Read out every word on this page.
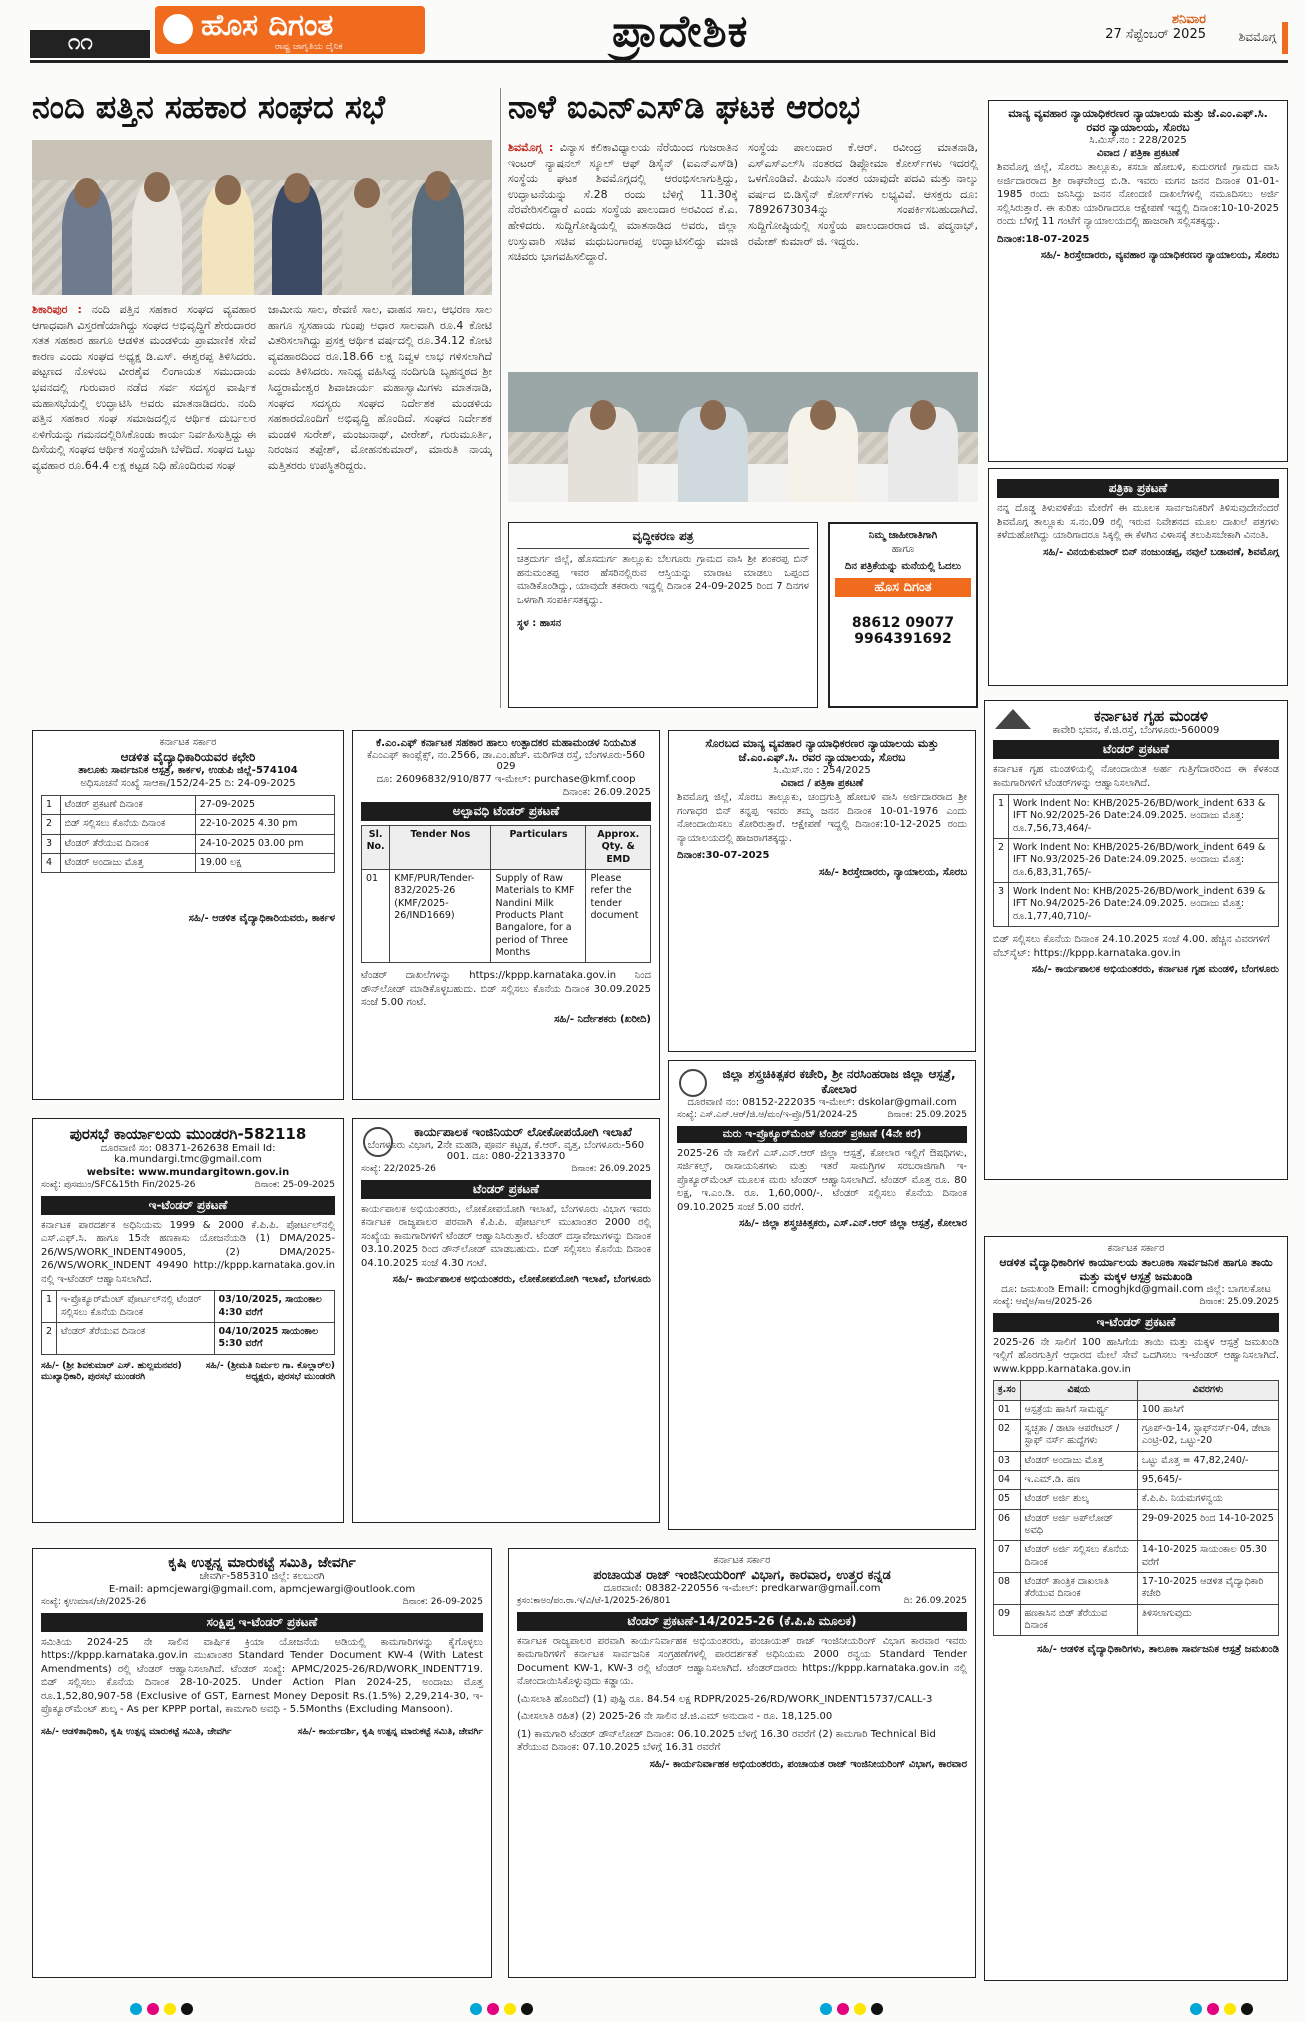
೧೧	ಹೊಸ ದಿಗಂತ
ರಾಷ್ಟ್ರ ಜಾಗೃತಿಯ ದೈನಿಕ	ಪ್ರಾದೇಶಿಕ	ಶನಿವಾರ
27 ಸೆಪ್ಟೆಂಬರ್ 2025	ಶಿವಮೊಗ್ಗ
ನಂದಿ ಪತ್ತಿನ ಸಹಕಾರ ಸಂಘದ ಸಭೆ
ಶಿಕಾರಿಪುರ : ನಂದಿ ಪತ್ತಿನ ಸಹಕಾರ ಸಂಘದ ವ್ಯವಹಾರ ಆಗಾಧವಾಗಿ ವಿಸ್ತರಣೆಯಾಗಿದ್ದು ಸಂಘದ ಅಭಿವೃದ್ಧಿಗೆ ಶೇರುದಾರರ ಸತತ ಸಹಕಾರ ಹಾಗೂ ಆಡಳಿತ ಮಂಡಳಿಯ ಪ್ರಾಮಾಣಿಕ ಸೇವೆ ಕಾರಣ ಎಂದು ಸಂಘದ ಅಧ್ಯಕ್ಷ ಡಿ.ಎಸ್. ಈಶ್ವರಪ್ಪ ತಿಳಿಸಿದರು. ಪಟ್ಟಣದ ನೊಳಂಬ ವೀರಶೈವ ಲಿಂಗಾಯತ ಸಮುದಾಯ ಭವನದಲ್ಲಿ ಗುರುವಾರ ನಡೆದ ಸರ್ವ ಸದಸ್ಯರ ವಾರ್ಷಿಕ ಮಹಾಸಭೆಯಲ್ಲಿ ಉದ್ಘಾಟಿಸಿ ಅವರು ಮಾತನಾಡಿದರು. ನಂದಿ ಪತ್ತಿನ ಸಹಕಾರ ಸಂಘ ಸಮಾಜದಲ್ಲಿನ ಆರ್ಥಿಕ ದುರ್ಬಲರ ಏಳಿಗೆಯನ್ನು ಗಮನದಲ್ಲಿರಿಸಿಕೊಂಡು ಕಾರ್ಯ ನಿರ್ವಹಿಸುತ್ತಿದ್ದು ಈ ದಿಸೆಯಲ್ಲಿ ಸಂಘದ ಆರ್ಥಿಕ ಸಂಸ್ಥೆಯಾಗಿ ಬೆಳೆದಿದೆ. ಸಂಘದ ಒಟ್ಟು ವ್ಯವಹಾರ ರೂ.64.4 ಲಕ್ಷ ಕಟ್ಟಡ ನಿಧಿ ಹೊಂದಿರುವ ಸಂಘ
ಜಾಮೀನು ಸಾಲ, ಠೇವಣಿ ಸಾಲ, ವಾಹನ ಸಾಲ, ಆಭರಣ ಸಾಲ ಹಾಗೂ ಸ್ವಸಹಾಯ ಗುಂಪು ಅಧಾರ ಸಾಲವಾಗಿ ರೂ.4 ಕೋಟಿ ವಿತರಿಸಲಾಗಿದ್ದು ಪ್ರಸಕ್ತ ಆರ್ಥಿಕ ವರ್ಷದಲ್ಲಿ ರೂ.34.12 ಕೋಟಿ ವ್ಯವಹಾರದಿಂದ ರೂ.18.66 ಲಕ್ಷ ನಿವ್ವಳ ಲಾಭ ಗಳಿಸಲಾಗಿದೆ ಎಂದು ತಿಳಿಸಿದರು. ಸಾನಿಧ್ಯ ವಹಿಸಿದ್ದ ನಂದಿಗುಡಿ ಬೃಹನ್ಮಠದ ಶ್ರೀ ಸಿದ್ಧರಾಮೇಶ್ವರ ಶಿವಾಚಾರ್ಯ ಮಹಾಸ್ವಾಮಿಗಳು ಮಾತನಾಡಿ, ಸಂಘದ ಸದಸ್ಯರು ಸಂಘದ ನಿರ್ದೇಶಕ ಮಂಡಳಿಯ ಸಹಕಾರದೊಂದಿಗೆ ಅಭಿವೃದ್ಧಿ ಹೊಂದಿದೆ. ಸಂಘದ ನಿರ್ದೇಶಕ ಮಂಡಳಿ ಸುರೇಶ್, ಮಂಜುನಾಥ್, ವೀರೇಶ್, ಗುರುಮೂರ್ತಿ, ನಿರಂಜನ ತಪ್ಪೇಶ್, ಮೋಹನಕುಮಾರ್, ಮಾರುತಿ ನಾಯ್ಕ ಮತ್ತಿತರರು ಉಪಸ್ಥಿತರಿದ್ದರು.
ನಾಳೆ ಐಎನ್‌ಎಸ್‌ಡಿ ಘಟಕ ಆರಂಭ
ಶಿವಮೊಗ್ಗ : ವಿನ್ಯಾಸ ಕಲಿಕಾವಿಧ್ಯಾಲಯ ನೆರೆಯಿಂದ ಗುಜರಾತಿನ ಇಂಟರ್ ನ್ಯಾಷನಲ್ ಸ್ಕೂಲ್ ಆಫ್ ಡಿಸೈನ್ (ಐಎನ್‌ಎಸ್‌ಡಿ) ಸಂಸ್ಥೆಯ ಘಟಕ ಶಿವಮೊಗ್ಗದಲ್ಲಿ ಆರಂಭಿಸಲಾಗುತ್ತಿದ್ದು, ಉದ್ಘಾಟನೆಯನ್ನು ಸೆ.28 ರಂದು ಬೆಳಿಗ್ಗೆ 11.30ಕ್ಕೆ ನೆರವೇರಿಸಲಿದ್ದಾರೆ ಎಂದು ಸಂಸ್ಥೆಯ ಪಾಲುದಾರ ಅರವಿಂದ ಕೆ.ಎ. ಹೇಳಿದರು. ಸುದ್ದಿಗೋಷ್ಠಿಯಲ್ಲಿ ಮಾತನಾಡಿದ ಅವರು, ಜಿಲ್ಲಾ ಉಸ್ತುವಾರಿ ಸಚಿವ ಮಧುಬಂಗಾರಪ್ಪ ಉದ್ಘಾಟಿಸಲಿದ್ದು ಮಾಜಿ ಸಚಿವರು ಭಾಗವಹಿಸಲಿದ್ದಾರೆ.
ಸಂಸ್ಥೆಯ ಪಾಲುದಾರ ಕೆ.ಆರ್. ರವೀಂದ್ರ ಮಾತನಾಡಿ, ಎಸ್ಎಸ್ಎಲ್‌ಸಿ ನಂತರದ ಡಿಪ್ಲೋಮಾ ಕೋರ್ಸ್‌ಗಳು ಇದರಲ್ಲಿ ಒಳಗೊಂಡಿವೆ. ಪಿಯುಸಿ ನಂತರ ಯಾವುದೇ ಪದವಿ ಮತ್ತು ನಾಲ್ಕು ವರ್ಷದ ಬಿ.ಡಿಸೈನ್ ಕೋರ್ಸ್‌ಗಳು ಲಭ್ಯವಿವೆ. ಆಸಕ್ತರು ದೂ: 7892673034ನ್ನು ಸಂಪರ್ಕಿಸಬಹುದಾಗಿದೆ. ಸುದ್ದಿಗೋಷ್ಠಿಯಲ್ಲಿ ಸಂಸ್ಥೆಯ ಪಾಲುದಾರರಾದ ಜಿ. ಪದ್ಮನಾಭ್, ರಮೇಶ್ ಕುಮಾರ್ ಜಿ. ಇದ್ದರು.
ವೃದ್ಧೀಕರಣ ಪತ್ರ
ಚಿತ್ರದುರ್ಗ ಜಿಲ್ಲೆ, ಹೊಸದುರ್ಗ ತಾಲ್ಲೂಕು ಬೆಲಗೂರು ಗ್ರಾಮದ ವಾಸಿ ಶ್ರೀ ಶಂಕರಪ್ಪ ಬಿನ್ ಹನುಮಂತಪ್ಪ ಇವರ ಹೆಸರಿನಲ್ಲಿರುವ ಆಸ್ತಿಯನ್ನು ಮಾರಾಟ ಮಾಡಲು ಒಪ್ಪಂದ ಮಾಡಿಕೊಂಡಿದ್ದು, ಯಾವುದೇ ತಕರಾರು ಇದ್ದಲ್ಲಿ ದಿನಾಂಕ 24-09-2025 ರಿಂದ 7 ದಿನಗಳ ಒಳಗಾಗಿ ಸಂಪರ್ಕಿಸತಕ್ಕದ್ದು.
ಸ್ಥಳ : ಹಾಸನ
ನಿಮ್ಮ ಜಾಹೀರಾತಿಗಾಗಿ
ಹಾಗೂ
ದಿನ ಪತ್ರಿಕೆಯನ್ನು ಮನೆಯಲ್ಲಿ ಓದಲು
ಹೊಸ ದಿಗಂತ
88612 09077
9964391692
ಮಾನ್ಯ ವ್ಯವಹಾರ ನ್ಯಾಯಾಧಿಕರಣರ ನ್ಯಾಯಾಲಯ ಮತ್ತು ಜೆ.ಎಂ.ಎಫ್.ಸಿ. ರವರ ನ್ಯಾಯಾಲಯ, ಸೊರಬ
ಸಿ.ಮಿಸ್.ನಂ : 228/2025
ವಿವಾದ / ಪತ್ರಿಕಾ ಪ್ರಕಟಣೆ
ಶಿವಮೊಗ್ಗ ಜಿಲ್ಲೆ, ಸೊರಬ ತಾಲ್ಲೂಕು, ಕಸಬಾ ಹೋಬಳಿ, ಕುದುರಗಣಿ ಗ್ರಾಮದ ವಾಸಿ ಅರ್ಜಿದಾರರಾದ ಶ್ರೀ ರಾಘವೇಂದ್ರ ಬಿ.ಡಿ. ಇವರು ಮಗನ ಜನನ ದಿನಾಂಕ 01-01-1985 ರಂದು ಜನಿಸಿದ್ದು ಜನನ ನೋಂದಣಿ ದಾಖಲೆಗಳಲ್ಲಿ ನಮೂದಿಸಲು ಅರ್ಜಿ ಸಲ್ಲಿಸಿರುತ್ತಾರೆ. ಈ ಕುರಿತು ಯಾರಿಗಾದರೂ ಆಕ್ಷೇಪಣೆ ಇದ್ದಲ್ಲಿ ದಿನಾಂಕ:10-10-2025 ರಂದು ಬೆಳಿಗ್ಗೆ 11 ಗಂಟೆಗೆ ನ್ಯಾಯಾಲಯದಲ್ಲಿ ಹಾಜರಾಗಿ ಸಲ್ಲಿಸತಕ್ಕದ್ದು.
ದಿನಾಂಕ:18-07-2025
ಸಹಿ/- ಶಿರಸ್ತೇದಾರರು, ವ್ಯವಹಾರ ನ್ಯಾಯಾಧಿಕರಣರ ನ್ಯಾಯಾಲಯ, ಸೊರಬ
ಪತ್ರಿಕಾ ಪ್ರಕಟಣೆ
ನನ್ನ ದೊಡ್ಡ ತಿಳುವಳಿಕೆಯ ಮೇರೆಗೆ ಈ ಮೂಲಕ ಸಾರ್ವಜನಿಕರಿಗೆ ತಿಳಿಸುವುದೇನೆಂದರೆ ಶಿವಮೊಗ್ಗ ತಾಲ್ಲೂಕು ಸ.ನಂ.09 ರಲ್ಲಿ ಇರುವ ನಿವೇಶನದ ಮೂಲ ದಾಖಲೆ ಪತ್ರಗಳು ಕಳೆದುಹೋಗಿದ್ದು ಯಾರಿಗಾದರೂ ಸಿಕ್ಕಲ್ಲಿ ಈ ಕೆಳಗಿನ ವಿಳಾಸಕ್ಕೆ ತಲುಪಿಸಬೇಕಾಗಿ ವಿನಂತಿ.
ಸಹಿ/- ವಿನಯಕುಮಾರ್ ಬಿನ್ ನಂಜುಂಡಪ್ಪ, ನವುಲೆ ಬಡಾವಣೆ, ಶಿವಮೊಗ್ಗ
ಕರ್ನಾಟಕ ಸರ್ಕಾರ
ಆಡಳಿತ ವೈದ್ಯಾಧಿಕಾರಿಯವರ ಕಛೇರಿ
ತಾಲೂಕು ಸಾರ್ವಜನಿಕ ಆಸ್ಪತ್ರೆ, ಕಾರ್ಕಳ, ಉಡುಪಿ ಜಿಲ್ಲೆ-574104
ಅಧಿಸೂಚನೆ ಸಂಖ್ಯೆ ಸಾಆಕಾ/152/24-25 ದಿ: 24-09-2025
1	ಟೆಂಡರ್ ಪ್ರಕಟಣೆ ದಿನಾಂಕ	27-09-2025
2	ಬಿಡ್ ಸಲ್ಲಿಸಲು ಕೊನೆಯ ದಿನಾಂಕ	22-10-2025 4.30 pm
3	ಟೆಂಡರ್ ತೆರೆಯುವ ದಿನಾಂಕ	24-10-2025 03.00 pm
4	ಟೆಂಡರ್ ಅಂದಾಜು ಮೊತ್ತ	19.00 ಲಕ್ಷ
ಸಹಿ/- ಆಡಳಿತ ವೈದ್ಯಾಧಿಕಾರಿಯವರು, ಕಾರ್ಕಳ
ಕೆ.ಎಂ.ಎಫ್ ಕರ್ನಾಟಕ ಸಹಕಾರ ಹಾಲು ಉತ್ಪಾದಕರ ಮಹಾಮಂಡಳ ನಿಯಮಿತ
ಕೆಎಂಎಫ್ ಕಾಂಪ್ಲೆಕ್ಸ್, ನಂ.2566, ಡಾ.ಎಂ.ಹೆಚ್. ಮರಿಗೌಡ ರಸ್ತೆ, ಬೆಂಗಳೂರು-560 029
ದೂ: 26096832/910/877 ಇ-ಮೇಲ್: purchase@kmf.coop
ದಿನಾಂಕ: 26.09.2025
ಅಲ್ಪಾವಧಿ ಟೆಂಡರ್ ಪ್ರಕಟಣೆ
Sl. No.	Tender Nos	Particulars	Approx. Qty. & EMD
01	KMF/PUR/Tender-832/2025-26 (KMF/2025-26/IND1669)	Supply of Raw Materials to KMF Nandini Milk Products Plant Bangalore, for a period of Three Months	Please refer the tender document
ಟೆಂಡರ್ ದಾಖಲೆಗಳನ್ನು https://kppp.karnataka.gov.in ನಿಂದ ಡೌನ್‌ಲೋಡ್ ಮಾಡಿಕೊಳ್ಳಬಹುದು. ಬಿಡ್ ಸಲ್ಲಿಸಲು ಕೊನೆಯ ದಿನಾಂಕ 30.09.2025 ಸಂಜೆ 5.00 ಗಂಟೆ.
ಸಹಿ/- ನಿರ್ದೇಶಕರು (ಖರೀದಿ)
ಸೊರಬದ ಮಾನ್ಯ ವ್ಯವಹಾರ ನ್ಯಾಯಾಧಿಕರಣರ ನ್ಯಾಯಾಲಯ ಮತ್ತು ಜೆ.ಎಂ.ಎಫ್.ಸಿ. ರವರ ನ್ಯಾಯಾಲಯ, ಸೊರಬ
ಸಿ.ಮಿಸ್.ನಂ : 254/2025
ವಿವಾದ / ಪತ್ರಿಕಾ ಪ್ರಕಟಣೆ
ಶಿವಮೊಗ್ಗ ಜಿಲ್ಲೆ, ಸೊರಬ ತಾಲ್ಲೂಕು, ಚಂದ್ರಗುತ್ತಿ ಹೋಬಳಿ ವಾಸಿ ಅರ್ಜಿದಾರರಾದ ಶ್ರೀ ಗಂಗಾಧರ ಬಿನ್ ಕನ್ನಪ್ಪ ಇವರು ತಮ್ಮ ಜನನ ದಿನಾಂಕ 10-01-1976 ಎಂದು ನೋಂದಾಯಿಸಲು ಕೋರಿರುತ್ತಾರೆ. ಆಕ್ಷೇಪಣೆ ಇದ್ದಲ್ಲಿ ದಿನಾಂಕ:10-12-2025 ರಂದು ನ್ಯಾಯಾಲಯದಲ್ಲಿ ಹಾಜರಾಗತಕ್ಕದ್ದು.
ದಿನಾಂಕ:30-07-2025
ಸಹಿ/- ಶಿರಸ್ತೇದಾರರು, ನ್ಯಾಯಾಲಯ, ಸೊರಬ
ಕರ್ನಾಟಕ ಗೃಹ ಮಂಡಳಿ
ಕಾವೇರಿ ಭವನ, ಕೆ.ಜಿ.ರಸ್ತೆ, ಬೆಂಗಳೂರು-560009
ಟೆಂಡರ್ ಪ್ರಕಟಣೆ
ಕರ್ನಾಟಕ ಗೃಹ ಮಂಡಳಿಯಲ್ಲಿ ನೋಂದಾಯಿತ ಅರ್ಹ ಗುತ್ತಿಗೆದಾರರಿಂದ ಈ ಕೆಳಕಂಡ ಕಾಮಗಾರಿಗಳಿಗೆ ಟೆಂಡರ್‌ಗಳನ್ನು ಆಹ್ವಾನಿಸಲಾಗಿದೆ.
1	Work Indent No: KHB/2025-26/BD/work_indent 633 & IFT No.92/2025-26 Date:24.09.2025. ಅಂದಾಜು ಮೊತ್ತ: ರೂ.7,56,73,464/-
2	Work Indent No: KHB/2025-26/BD/work_indent 649 & IFT No.93/2025-26 Date:24.09.2025. ಅಂದಾಜು ಮೊತ್ತ: ರೂ.6,83,31,765/-
3	Work Indent No: KHB/2025-26/BD/work_indent 639 & IFT No.94/2025-26 Date:24.09.2025. ಅಂದಾಜು ಮೊತ್ತ: ರೂ.1,77,40,710/-
ಬಿಡ್ ಸಲ್ಲಿಸಲು ಕೊನೆಯ ದಿನಾಂಕ 24.10.2025 ಸಂಜೆ 4.00. ಹೆಚ್ಚಿನ ವಿವರಗಳಿಗೆ ವೆಬ್‌ಸೈಟ್: https://kppp.karnataka.gov.in
ಸಹಿ/- ಕಾರ್ಯಪಾಲಕ ಅಭಿಯಂತರರು, ಕರ್ನಾಟಕ ಗೃಹ ಮಂಡಳಿ, ಬೆಂಗಳೂರು
ಪುರಸಭೆ ಕಾರ್ಯಾಲಯ ಮುಂಡರಗಿ-582118
ದೂರವಾಣಿ ಸಂ: 08371-262638 Email Id: ka.mundargi.tmc@gmail.com
website: www.mundargitown.gov.in
ಸಂಖ್ಯೆ: ಪುಸಮುಂ/SFC&15th Fin/2025-26	ದಿನಾಂಕ: 25-09-2025
ಇ-ಟೆಂಡರ್ ಪ್ರಕಟಣೆ
ಕರ್ನಾಟಕ ಪಾರದರ್ಶಕ ಅಧಿನಿಯಮ 1999 & 2000 ಕೆ.ಪಿ.ಪಿ. ಪೋರ್ಟಲ್‌ನಲ್ಲಿ ಎಸ್.ಎಫ್.ಸಿ. ಹಾಗೂ 15ನೇ ಹಣಕಾಸು ಯೋಜನೆಯಡಿ (1) DMA/2025-26/WS/WORK_INDENT49005, (2) DMA/2025-26/WS/WORK_INDENT 49490 http://kppp.karnataka.gov.in ನಲ್ಲಿ ಇ-ಟೆಂಡರ್ ಆಹ್ವಾನಿಸಲಾಗಿದೆ.
1	ಇ-ಪ್ರೊಕ್ಯೂರ್‌ಮೆಂಟ್ ಪೋರ್ಟಲ್‌ನಲ್ಲಿ ಟೆಂಡರ್ ಸಲ್ಲಿಸಲು ಕೊನೆಯ ದಿನಾಂಕ	03/10/2025, ಸಾಯಂಕಾಲ 4:30 ವರೆಗೆ
2	ಟೆಂಡರ್ ತೆರೆಯುವ ದಿನಾಂಕ	04/10/2025 ಸಾಯಂಕಾಲ 5:30 ವರೆಗೆ
ಸಹಿ/- (ಶ್ರೀ ಶಿವಕುಮಾರ್ ಎಸ್. ಹುಲ್ಲಮನವರ) ಮುಖ್ಯಾಧಿಕಾರಿ, ಪುರಸಭೆ ಮುಂಡರಗಿ
ಸಹಿ/- (ಶ್ರೀಮತಿ ನಿರ್ಮಲ ಗಾ. ಕೊಲ್ಲಾರ್‌ಲ) ಅಧ್ಯಕ್ಷರು, ಪುರಸಭೆ ಮುಂಡರಗಿ
ಕಾರ್ಯಪಾಲಕ ಇಂಜಿನಿಯರ್ ಲೋಕೋಪಯೋಗಿ ಇಲಾಖೆ
ಬೆಂಗಳೂರು ವಿಭಾಗ, 2ನೇ ಮಹಡಿ, ಪೂರ್ವ ಕಟ್ಟಡ, ಕೆ.ಆರ್. ವೃತ್ತ, ಬೆಂಗಳೂರು-560 001. ದೂ: 080-22133370
ಸಂಖ್ಯೆ: 22/2025-26	ದಿನಾಂಕ: 26.09.2025
ಟೆಂಡರ್ ಪ್ರಕಟಣೆ
ಕಾರ್ಯಪಾಲಕ ಅಭಿಯಂತರರು, ಲೋಕೋಪಯೋಗಿ ಇಲಾಖೆ, ಬೆಂಗಳೂರು ವಿಭಾಗ ಇವರು ಕರ್ನಾಟಕ ರಾಜ್ಯಪಾಲರ ಪರವಾಗಿ ಕೆ.ಪಿ.ಪಿ. ಪೋರ್ಟಲ್ ಮುಖಾಂತರ 2000 ರಲ್ಲಿ ಸಂಖ್ಯೆಯ ಕಾಮಗಾರಿಗಳಿಗೆ ಟೆಂಡರ್ ಆಹ್ವಾನಿಸಿರುತ್ತಾರೆ. ಟೆಂಡರ್ ದಸ್ತಾವೇಜುಗಳನ್ನು ದಿನಾಂಕ 03.10.2025 ರಿಂದ ಡೌನ್‌ಲೋಡ್ ಮಾಡಬಹುದು. ಬಿಡ್ ಸಲ್ಲಿಸಲು ಕೊನೆಯ ದಿನಾಂಕ 04.10.2025 ಸಂಜೆ 4.30 ಗಂಟೆ.
ಸಹಿ/- ಕಾರ್ಯಪಾಲಕ ಅಭಿಯಂತರರು, ಲೋಕೋಪಯೋಗಿ ಇಲಾಖೆ, ಬೆಂಗಳೂರು
ಜಿಲ್ಲಾ ಶಸ್ತ್ರಚಿಕಿತ್ಸಕರ ಕಚೇರಿ, ಶ್ರೀ ನರಸಿಂಹರಾಜ ಜಿಲ್ಲಾ ಆಸ್ಪತ್ರೆ, ಕೋಲಾರ
ದೂರವಾಣಿ ನಂ: 08152-222035 ಇ-ಮೇಲ್: dskolar@gmail.com
ಸಂಖ್ಯೆ: ಎಸ್.ಎನ್.ಆರ್/ಜಿ.ಆ/ಮಂ/ಇ-ಪ್ರೊ/51/2024-25	ದಿನಾಂಕ: 25.09.2025
ಮರು ಇ-ಪ್ರೊಕ್ಯೂರ್‌ಮೆಂಟ್ ಟೆಂಡರ್ ಪ್ರಕಟಣೆ (4ನೇ ಕರೆ)
2025-26 ನೇ ಸಾಲಿಗೆ ಎಸ್.ಎನ್.ಆರ್ ಜಿಲ್ಲಾ ಆಸ್ಪತ್ರೆ, ಕೋಲಾರ ಇಲ್ಲಿಗೆ ಔಷಧಿಗಳು, ಸರ್ಜಿಕಲ್ಸ್, ರಾಸಾಯನಿಕಗಳು ಮತ್ತು ಇತರೆ ಸಾಮಗ್ರಿಗಳ ಸರಬರಾಜಿಗಾಗಿ ಇ-ಪ್ರೊಕ್ಯೂರ್‌ಮೆಂಟ್ ಮೂಲಕ ಮರು ಟೆಂಡರ್ ಆಹ್ವಾನಿಸಲಾಗಿದೆ. ಟೆಂಡರ್ ಮೊತ್ತ ರೂ. 80 ಲಕ್ಷ, ಇ.ಎಂ.ಡಿ. ರೂ. 1,60,000/-. ಟೆಂಡರ್ ಸಲ್ಲಿಸಲು ಕೊನೆಯ ದಿನಾಂಕ 09.10.2025 ಸಂಜೆ 5.00 ವರೆಗೆ.
ಸಹಿ/- ಜಿಲ್ಲಾ ಶಸ್ತ್ರಚಿಕಿತ್ಸಕರು, ಎಸ್.ಎನ್.ಆರ್ ಜಿಲ್ಲಾ ಆಸ್ಪತ್ರೆ, ಕೋಲಾರ
ಕರ್ನಾಟಕ ಸರ್ಕಾರ
ಆಡಳಿತ ವೈದ್ಯಾಧಿಕಾರಿಗಳ ಕಾರ್ಯಾಲಯ ತಾಲೂಕಾ ಸಾರ್ವಜನಿಕ ಹಾಗೂ ತಾಯಿ ಮತ್ತು ಮಕ್ಕಳ ಆಸ್ಪತ್ರೆ ಜಮಖಂಡಿ
ದೂ: ಜಮಖಂಡಿ Email: cmoghjkd@gmail.com ಜಿಲ್ಲೆ: ಬಾಗಲಕೋಟ
ಸಂಖ್ಯೆ: ಆವೈಅ/ಸಾಆ/2025-26	ದಿನಾಂಕ: 25.09.2025
ಇ-ಟೆಂಡರ್ ಪ್ರಕಟಣೆ
2025-26 ನೇ ಸಾಲಿಗೆ 100 ಹಾಸಿಗೆಯ ತಾಯಿ ಮತ್ತು ಮಕ್ಕಳ ಆಸ್ಪತ್ರೆ ಜಮಖಂಡಿ ಇಲ್ಲಿಗೆ ಹೊರಗುತ್ತಿಗೆ ಆಧಾರದ ಮೇಲೆ ಸೇವೆ ಒದಗಿಸಲು ಇ-ಟೆಂಡರ್ ಆಹ್ವಾನಿಸಲಾಗಿದೆ. www.kppp.karnataka.gov.in
ಕ್ರ.ಸಂ	ವಿಷಯ	ವಿವರಗಳು
01	ಆಸ್ಪತ್ರೆಯ ಹಾಸಿಗೆ ಸಾಮರ್ಥ್ಯ	100 ಹಾಸಿಗೆ
02	ಸ್ವಚ್ಛತಾ / ಡಾಟಾ ಆಪರೇಟರ್ / ಸ್ಟಾಫ್ ನರ್ಸ್ ಹುದ್ದೆಗಳು	ಗ್ರೂಪ್-ಡಿ-14, ಸ್ಟಾಫ್‌ನರ್ಸ್-04, ಡೇಟಾ ಎಂಟ್ರಿ-02, ಒಟ್ಟು-20
03	ಟೆಂಡರ್ ಅಂದಾಜು ಮೊತ್ತ	ಒಟ್ಟು ಮೊತ್ತ = 47,82,240/-
04	ಇ.ಎಮ್.ಡಿ. ಹಣ	95,645/-
05	ಟೆಂಡರ್ ಅರ್ಜಿ ಶುಲ್ಕ	ಕೆ.ಪಿ.ಪಿ. ನಿಯಮಗಳನ್ವಯ
06	ಟೆಂಡರ್ ಅರ್ಜಿ ಅಪ್‌ಲೋಡ್ ಅವಧಿ	29-09-2025 ರಿಂದ 14-10-2025
07	ಟೆಂಡರ್ ಅರ್ಜಿ ಸಲ್ಲಿಸಲು ಕೊನೆಯ ದಿನಾಂಕ	14-10-2025 ಸಾಯಂಕಾಲ 05.30 ವರೆಗೆ
08	ಟೆಂಡರ್ ತಾಂತ್ರಿಕ ದಾಖಲಾತಿ ತೆರೆಯುವ ದಿನಾಂಕ	17-10-2025 ಆಡಳಿತ ವೈದ್ಯಾಧಿಕಾರಿ ಕಚೇರಿ
09	ಹಣಕಾಸಿನ ಬಿಡ್ ತೆರೆಯುವ ದಿನಾಂಕ	ತಿಳಿಸಲಾಗುವುದು
ಸಹಿ/- ಆಡಳಿತ ವೈದ್ಯಾಧಿಕಾರಿಗಳು, ತಾಲೂಕಾ ಸಾರ್ವಜನಿಕ ಆಸ್ಪತ್ರೆ ಜಮಖಂಡಿ
ಕೃಷಿ ಉತ್ಪನ್ನ ಮಾರುಕಟ್ಟೆ ಸಮಿತಿ, ಜೇವರ್ಗಿ
ಜೇವರ್ಗಿ-585310 ಜಿಲ್ಲೆ: ಕಲಬುರಗಿ
E-mail: apmcjewargi@gmail.com, apmcjewargi@outlook.com
ಸಂಖ್ಯೆ: ಕೃಉಮಾಸ/ಜೇ/2025-26	ದಿನಾಂಕ: 26-09-2025
ಸಂಕ್ಷಿಪ್ತ ಇ-ಟೆಂಡರ್ ಪ್ರಕಟಣೆ
ಸಮಿತಿಯ 2024-25 ನೇ ಸಾಲಿನ ವಾರ್ಷಿಕ ಕ್ರಿಯಾ ಯೋಜನೆಯ ಅಡಿಯಲ್ಲಿ ಕಾಮಗಾರಿಗಳನ್ನು ಕೈಗೊಳ್ಳಲು https://kppp.karnataka.gov.in ಮುಖಾಂತರ Standard Tender Document KW-4 (With Latest Amendments) ರಲ್ಲಿ ಟೆಂಡರ್ ಆಹ್ವಾನಿಸಲಾಗಿದೆ. ಟೆಂಡರ್ ಸಂಖ್ಯೆ: APMC/2025-26/RD/WORK_INDENT719. ಬಿಡ್ ಸಲ್ಲಿಸಲು ಕೊನೆಯ ದಿನಾಂಕ 28-10-2025. Under Action Plan 2024-25, ಅಂದಾಜು ಮೊತ್ತ ರೂ.1,52,80,907-58 (Exclusive of GST, Earnest Money Deposit Rs.(1.5%) 2,29,214-30, ಇ-ಪ್ರೊಕ್ಯೂರ್‌ಮೆಂಟ್ ಶುಲ್ಕ - As per KPPP portal, ಕಾಮಗಾರಿ ಅವಧಿ - 5.5Months (Excluding Mansoon).
ಸಹಿ/- ಆಡಳಿತಾಧಿಕಾರಿ, ಕೃಷಿ ಉತ್ಪನ್ನ ಮಾರುಕಟ್ಟೆ ಸಮಿತಿ, ಜೇವರ್ಗಿ	ಸಹಿ/- ಕಾರ್ಯದರ್ಶಿ, ಕೃಷಿ ಉತ್ಪನ್ನ ಮಾರುಕಟ್ಟೆ ಸಮಿತಿ, ಜೇವರ್ಗಿ
ಕರ್ನಾಟಕ ಸರ್ಕಾರ
ಪಂಚಾಯತ ರಾಜ್ ಇಂಜಿನೀಯರಿಂಗ್ ವಿಭಾಗ, ಕಾರವಾರ, ಉತ್ತರ ಕನ್ನಡ
ದೂರವಾಣಿ: 08382-220556 ಇ-ಮೇಲ್: predkarwar@gmail.com
ಕ್ರಸಂ:ಕಾಅಂ/ಪಂ.ರಾ.ಇ/ವಿ/ಟೆ-1/2025-26/801	ದಿ: 26.09.2025
ಟೆಂಡರ್ ಪ್ರಕಟಣೆ-14/2025-26 (ಕೆ.ಪಿ.ಪಿ ಮೂಲಕ)
ಕರ್ನಾಟಕ ರಾಜ್ಯಪಾಲರ ಪರವಾಗಿ ಕಾರ್ಯನಿರ್ವಾಹಕ ಅಭಿಯಂತರರು, ಪಂಚಾಯತ್ ರಾಜ್ ಇಂಜಿನೀಯರಿಂಗ್ ವಿಭಾಗ ಕಾರವಾರ ಇವರು ಕಾಮಗಾರಿಗಳಿಗೆ ಕರ್ನಾಟಕ ಸಾರ್ವಜನಿಕ ಸಂಗ್ರಹಣೆಗಳಲ್ಲಿ ಪಾರದರ್ಶಕತೆ ಅಧಿನಿಯಮ 2000 ರನ್ವಯ Standard Tender Document KW-1, KW-3 ರಲ್ಲಿ ಟೆಂಡರ್ ಆಹ್ವಾನಿಸಲಾಗಿದೆ. ಟೆಂಡರ್‌ದಾರರು https://kppp.karnataka.gov.in ನಲ್ಲಿ ನೋಂದಾಯಿಸಿಕೊಳ್ಳುವುದು ಕಡ್ಡಾಯ.
(ಮಿಸಲಾತಿ ಹೊಂದಿದೆ) (1) ಪುಷ್ಟಿ ರೂ. 84.54 ಲಕ್ಷ RDPR/2025-26/RD/WORK_INDENT15737/CALL-3
(ಮೀಸಲಾತಿ ರಹಿತ) (2) 2025-26 ನೇ ಸಾಲಿನ ಜೆ.ಜಿ.ಎಮ್ ಅನುದಾನ - ರೂ. 18,125.00
(1) ಕಾಮಗಾರಿ ಟೆಂಡರ್ ಡೌನ್‌ಲೋಡ್ ದಿನಾಂಕ: 06.10.2025 ಬೆಳಗ್ಗೆ 16.30 ರವರೆಗೆ (2) ಕಾಮಗಾರಿ Technical Bid ತೆರೆಯುವ ದಿನಾಂಕ: 07.10.2025 ಬೆಳಗ್ಗೆ 16.31 ರವರೆಗೆ
ಸಹಿ/- ಕಾರ್ಯನಿರ್ವಾಹಕ ಅಭಿಯಂತರರು, ಪಂಚಾಯತ ರಾಜ್ ಇಂಜಿನೀಯರಿಂಗ್ ವಿಭಾಗ, ಕಾರವಾರ
